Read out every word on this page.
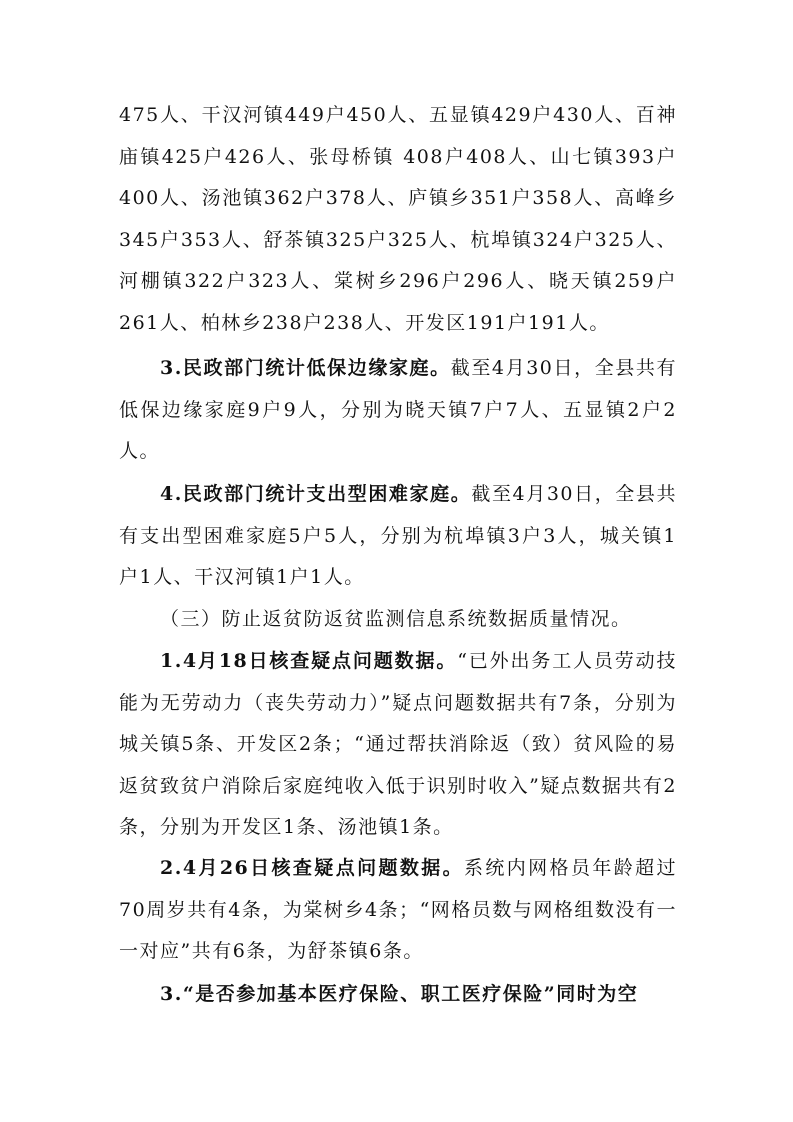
475人、干汉河镇449户450人、五显镇429户430人、百神庙镇425户426人、张母桥镇 408户408人、山七镇393户400人、汤池镇362户378人、庐镇乡351户358人、高峰乡345户353人、舒茶镇325户325人、杭埠镇324户325人、河棚镇322户323人、棠树乡296户296人、晓天镇259户261人、柏林乡238户238人、开发区191户191人。

3.民政部门统计低保边缘家庭。截至4月30日，全县共有低保边缘家庭9户9人，分别为晓天镇7户7人、五显镇2户2人。

4.民政部门统计支出型困难家庭。截至4月30日，全县共有支出型困难家庭5户5人，分别为杭埠镇3户3人，城关镇1户1人、干汉河镇1户1人。

（三）防止返贫防返贫监测信息系统数据质量情况。

1.4月18日核查疑点问题数据。“已外出务工人员劳动技能为无劳动力（丧失劳动力）”疑点问题数据共有7条，分别为城关镇5条、开发区2条；“通过帮扶消除返（致）贫风险的易返贫致贫户消除后家庭纯收入低于识别时收入”疑点数据共有2条，分别为开发区1条、汤池镇1条。

2.4月26日核查疑点问题数据。系统内网格员年龄超过70周岁共有4条，为棠树乡4条；“网格员数与网格组数没有一一对应”共有6条，为舒茶镇6条。

3.“是否参加基本医疗保险、职工医疗保险”同时为空
